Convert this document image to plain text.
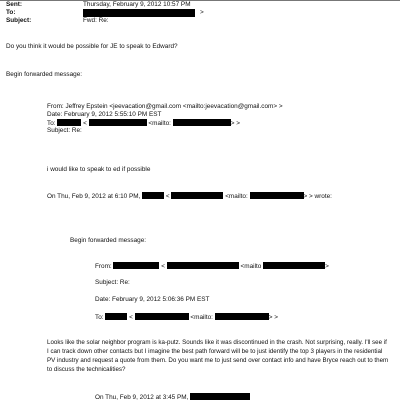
Sent:	Thursday, February 9, 2012 10:57 PM
To:	>
Subject:	Fwd: Re:
Do you think it would be possible for JE to speak to Edward?
Begin forwarded message:
From: Jeffrey Epstein <jeevacation@gmail.com <mailto:jeevacation@gmail.com> >
Date: February 9, 2012 5:55:10 PM EST
To:	<	<mailto:	> >
Subject: Re:
i would like to speak to ed if possible
On Thu, Feb 9, 2012 at 6:10 PM,	<	<mailto:	> > wrote:
Begin forwarded message:
From:	<	<mailto	>
Subject: Re:
Date: February 9, 2012 5:06:36 PM EST
To:	<	<mailto:	> >
Looks like the solar neighbor program is ka-putz. Sounds like it was discontinued in the crash. Not surprising, really. I'll see if I can track down other contacts but I imagine the best path forward will be to just identify the top 3 players in the residential PV industry and request a quote from them. Do you want me to just send over contact info and have Bryce reach out to them to discuss the technicalities?
On Thu, Feb 9, 2012 at 3:45 PM,
